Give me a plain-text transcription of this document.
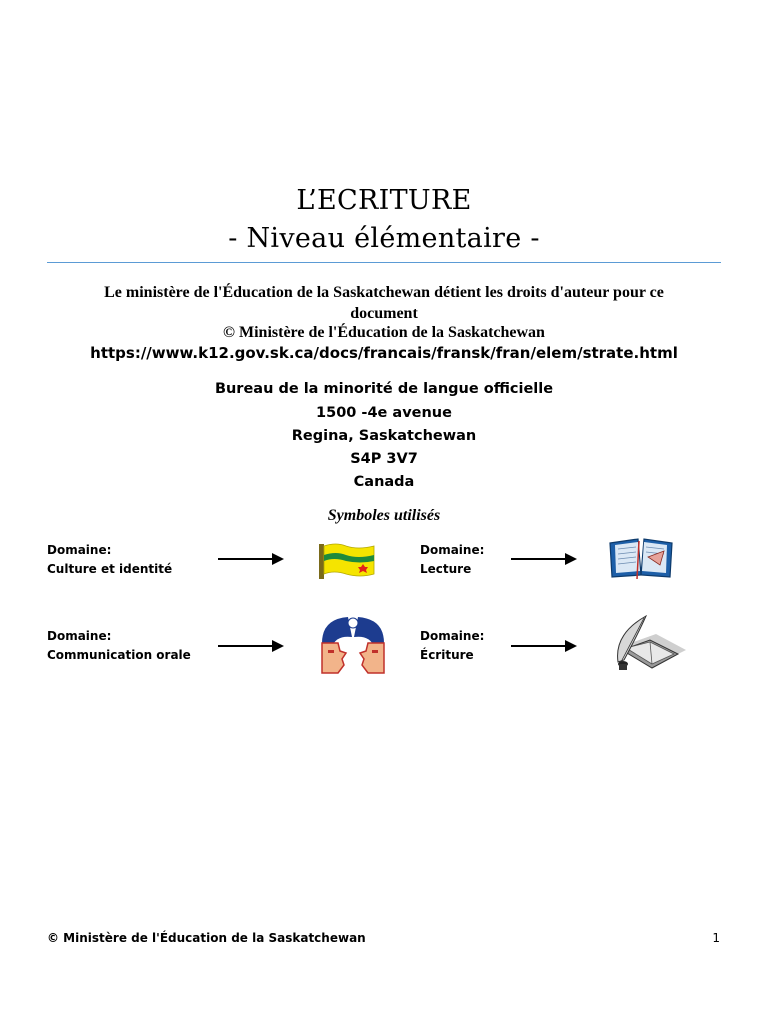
L’ECRITURE
- Niveau élémentaire -
Le ministère de l'Éducation de la Saskatchewan détient les droits d'auteur pour ce document
© Ministère de l'Éducation de la Saskatchewan
https://www.k12.gov.sk.ca/docs/francais/fransk/fran/elem/strate.html
Bureau de la minorité de langue officielle
1500 -4e avenue
Regina, Saskatchewan
S4P 3V7
Canada
Symboles utilisés
Domaine:
Culture et identité
Domaine:
Lecture
Domaine:
Communication orale
Domaine:
Écriture
© Ministère de l'Éducation de la Saskatchewan	1
